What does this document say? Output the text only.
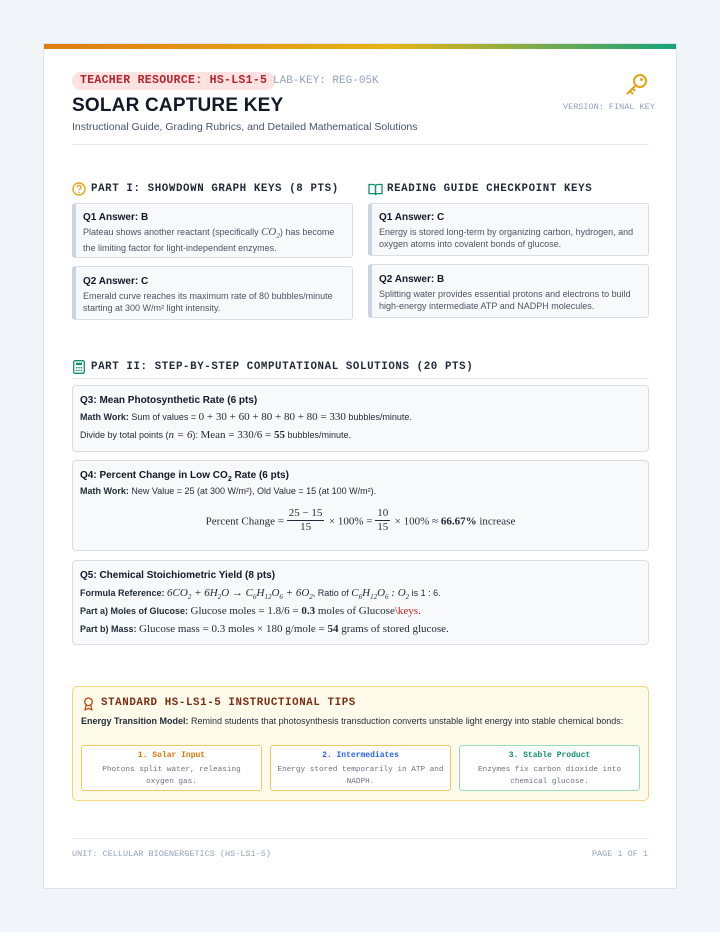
TEACHER RESOURCE: HS-LS1-5 LAB-KEY: REG-05K
SOLAR CAPTURE KEY	VERSION: FINAL KEY
Instructional Guide, Grading Rubrics, and Detailed Mathematical Solutions
PART I: SHOWDOWN GRAPH KEYS (8 PTS)
Q1 Answer: B
Plateau shows another reactant (specifically $CO_2$) has become the limiting factor for light-independent enzymes.
Q2 Answer: C
Emerald curve reaches its maximum rate of 80 bubbles/minute starting at 300 W/m² light intensity.
READING GUIDE CHECKPOINT KEYS
Q1 Answer: C
Energy is stored long-term by organizing carbon, hydrogen, and oxygen atoms into covalent bonds of glucose.
Q2 Answer: B
Splitting water provides essential protons and electrons to build high-energy intermediate ATP and NADPH molecules.
PART II: STEP-BY-STEP COMPUTATIONAL SOLUTIONS (20 PTS)
Q3: Mean Photosynthetic Rate (6 pts)
Math Work: Sum of values = 0 + 30 + 60 + 80 + 80 + 80 = 330 bubbles/minute.
Divide by total points (n = 6): Mean = 330/6 = 55 bubbles/minute.
Q4: Percent Change in Low $CO_2$ Rate (6 pts)
Math Work: New Value = 25 (at 300 W/m²), Old Value = 15 (at 100 W/m²).
Percent Change = $\frac{25 - 15}{15} \times 100\% = \frac{10}{15} \times 100\% \approx 66.67\%$ increase
Q5: Chemical Stoichiometric Yield (8 pts)
Formula Reference: $6CO_2 + 6H_2O \to C_6H_{12}O_6 + 6O_2$, Ratio of $C_6H_{12}O_6$ : $O_2$ is 1 : 6.
Part a) Moles of Glucose: Glucose moles = 1.8/6 = 0.3 moles of Glucose\keys.
Part b) Mass: Glucose mass = 0.3 moles × 180 g/mole = 54 grams of stored glucose.
STANDARD HS-LS1-5 INSTRUCTIONAL TIPS
Energy Transition Model: Remind students that photosynthesis transduction converts unstable light energy into stable chemical bonds:
1. Solar Input
Photons split water, releasing oxygen gas.
2. Intermediates
Energy stored temporarily in ATP and NADPH.
3. Stable Product
Enzymes fix carbon dioxide into chemical glucose.
UNIT: CELLULAR BIOENERGETICS (HS-LS1-5)	PAGE 1 OF 1
